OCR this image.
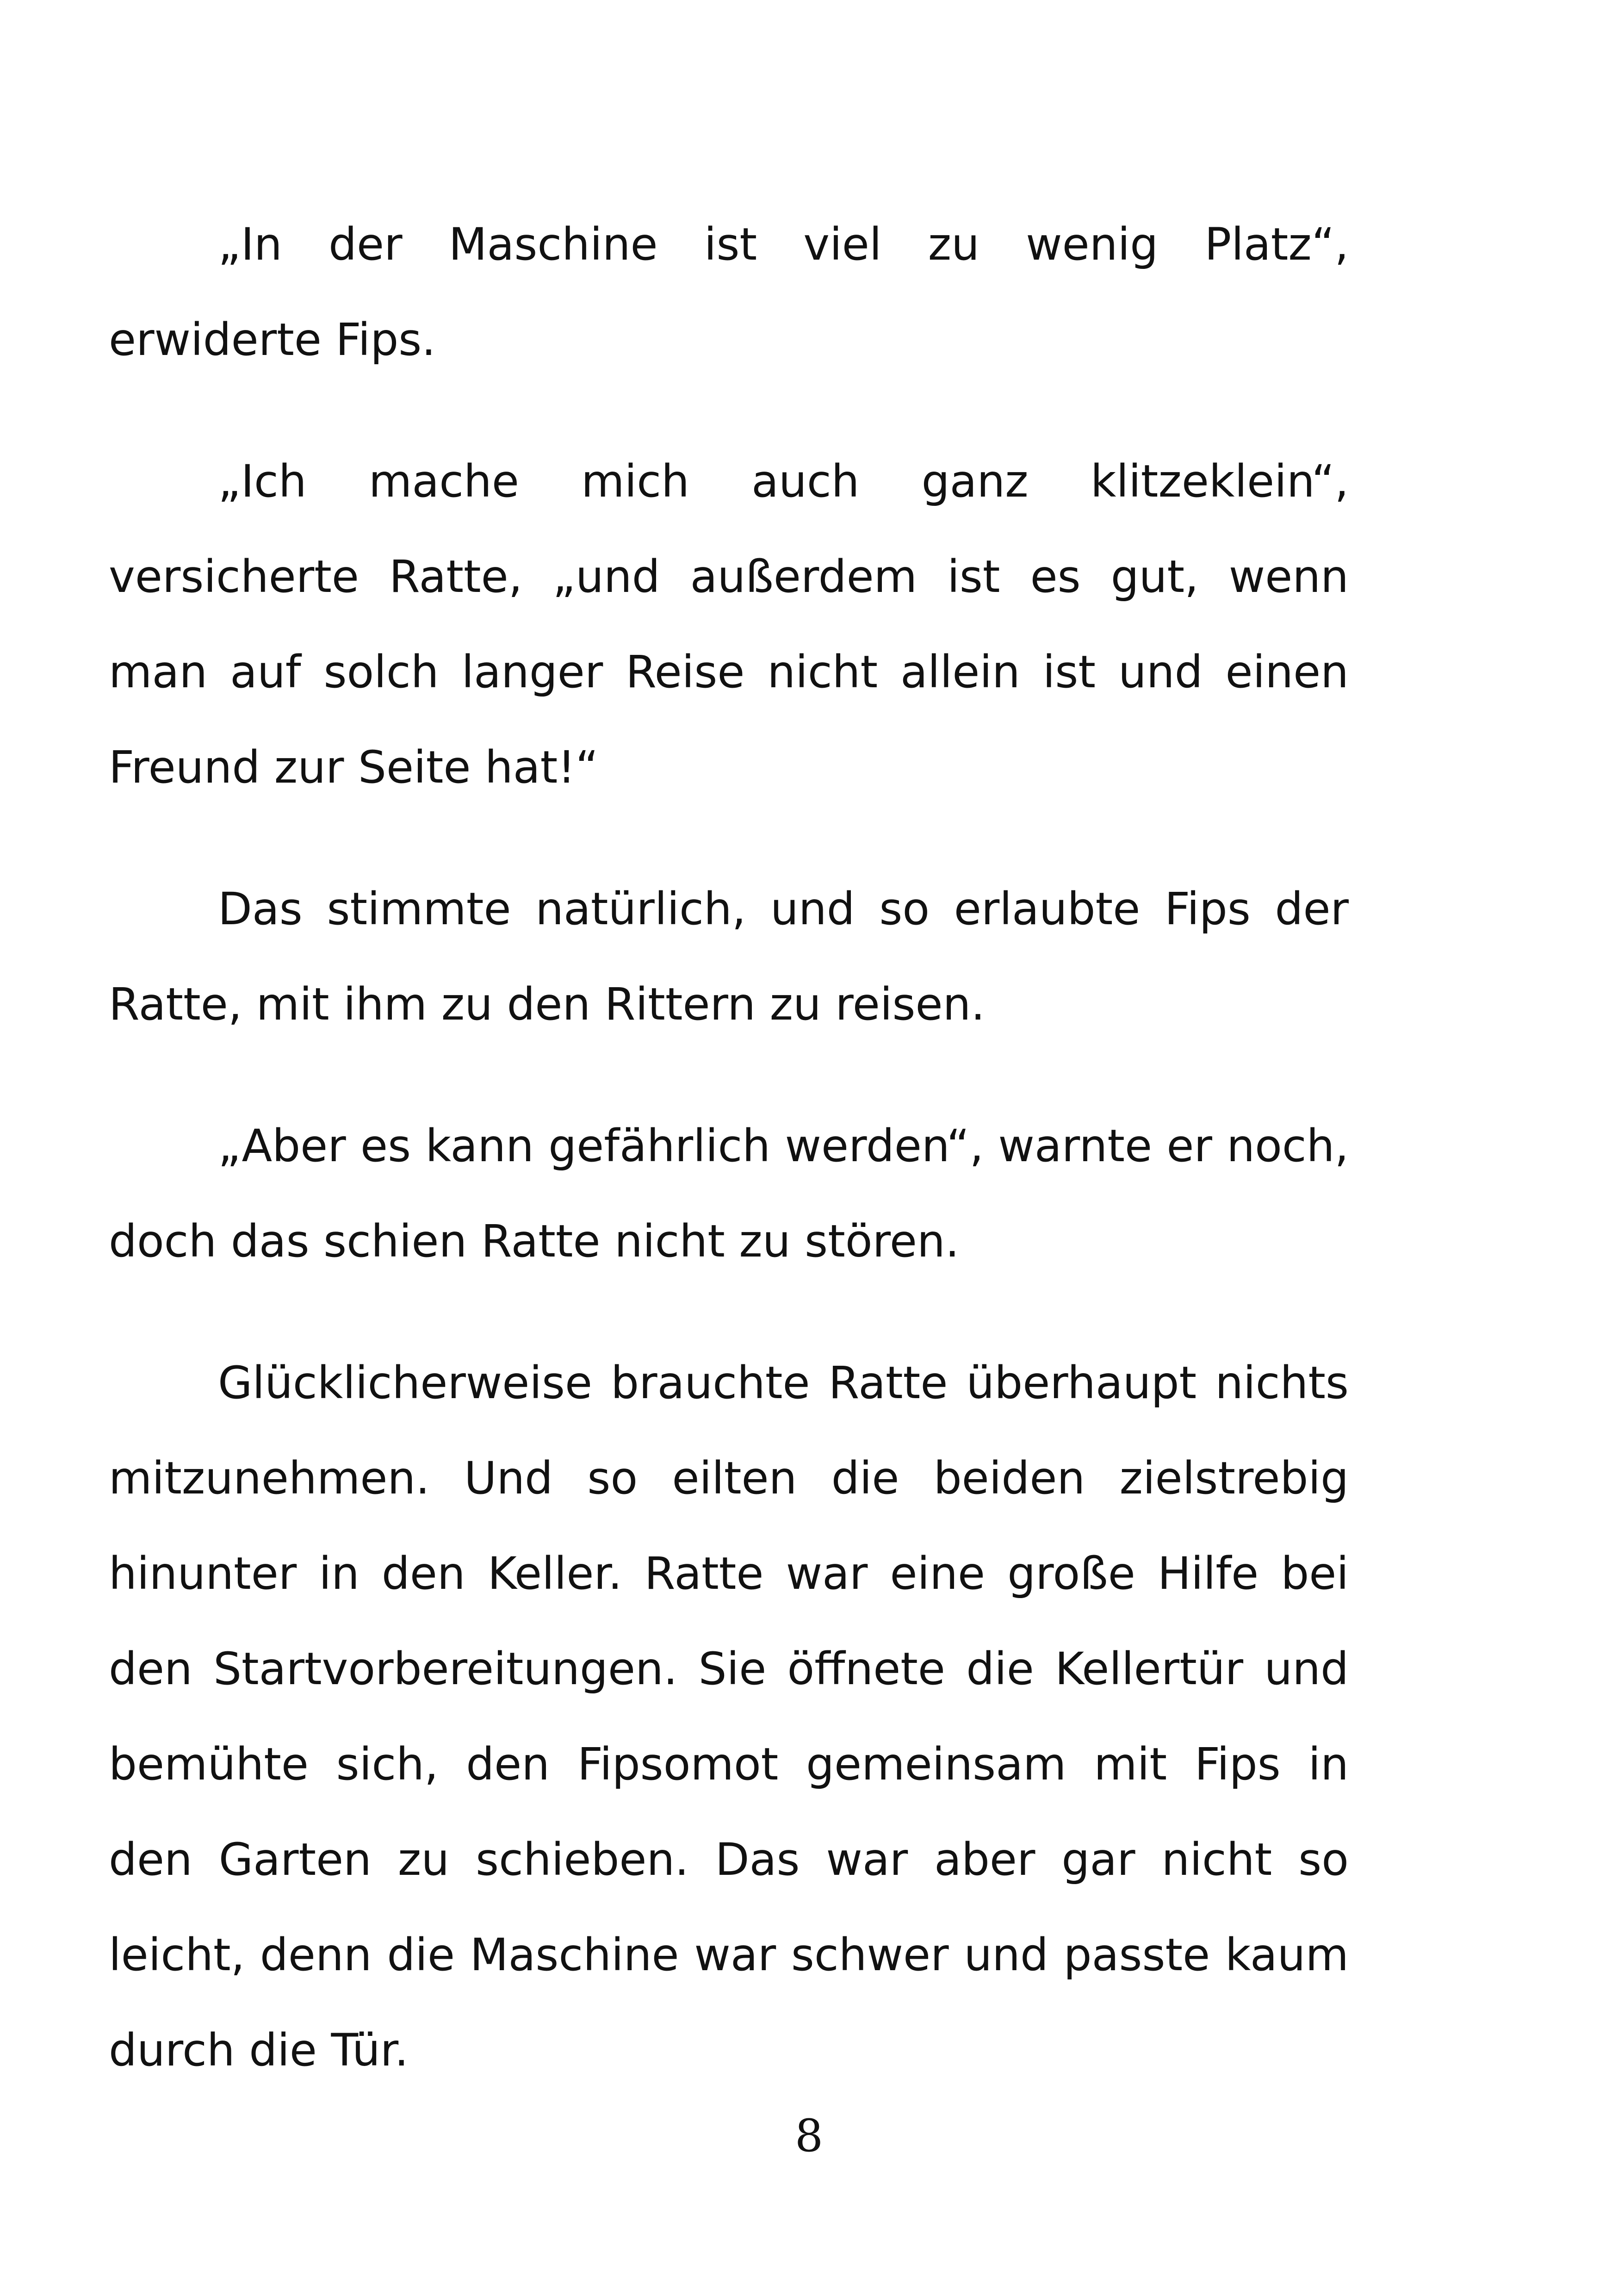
„In der Maschine ist viel zu wenig Platz“, erwiderte Fips.

„Ich mache mich auch ganz klitzeklein“, versicherte Ratte, „und außerdem ist es gut, wenn man auf solch langer Reise nicht allein ist und einen Freund zur Seite hat!“

Das stimmte natürlich, und so erlaubte Fips der Ratte, mit ihm zu den Rittern zu reisen.

„Aber es kann gefährlich werden“, warnte er noch, doch das schien Ratte nicht zu stören.

Glücklicherweise brauchte Ratte überhaupt nichts mitzunehmen. Und so eilten die beiden zielstrebig hinunter in den Keller. Ratte war eine große Hilfe bei den Startvorbereitungen. Sie öffnete die Kellertür und bemühte sich, den Fipsomot gemeinsam mit Fips in den Garten zu schieben. Das war aber gar nicht so leicht, denn die Maschine war schwer und passte kaum durch die Tür.

8
